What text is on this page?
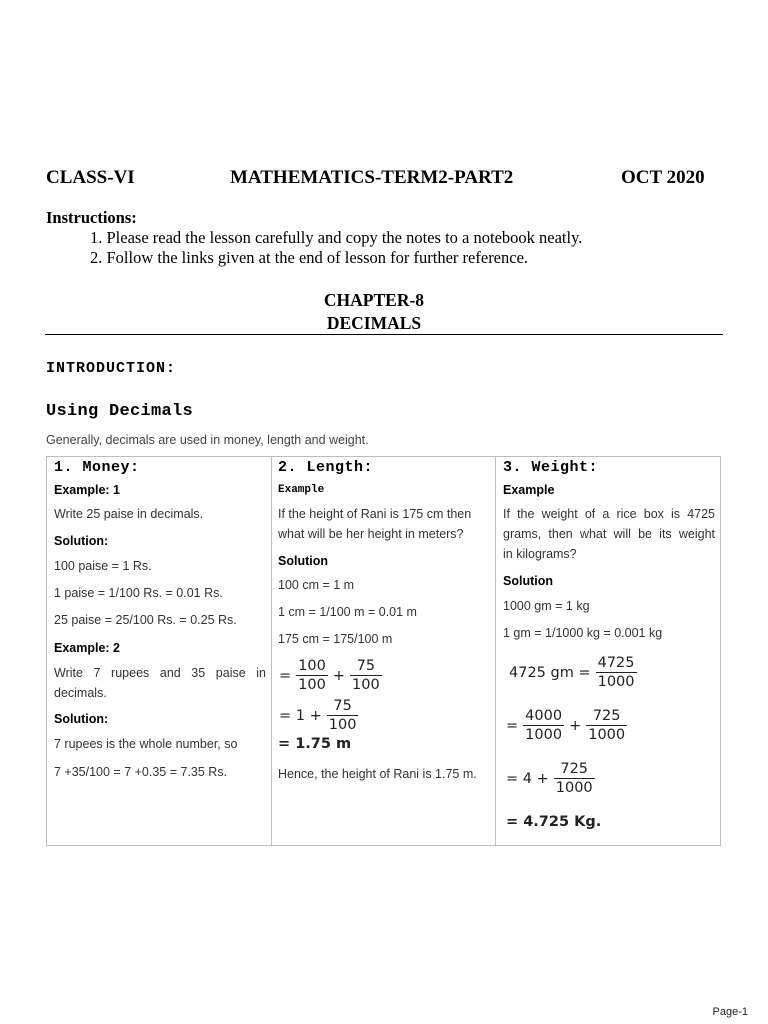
CLASS-VI	MATHEMATICS-TERM2-PART2	OCT 2020
Instructions:
1. Please read the lesson carefully and copy the notes to a notebook neatly.
2. Follow the links given at the end of lesson for further reference.
CHAPTER-8
DECIMALS
INTRODUCTION:
Using Decimals
Generally, decimals are used in money, length and weight.
1. Money:
Example: 1
Write 25 paise in decimals.
Solution:
100 paise = 1 Rs.
1 paise = 1/100 Rs. = 0.01 Rs.
25 paise = 25/100 Rs. = 0.25 Rs.
Example: 2
Write 7 rupees and 35 paise in
decimals.
Solution:
7 rupees is the whole number, so
7 +35/100 = 7 +0.35 = 7.35 Rs.
2. Length:
Example
If the height of Rani is 175 cm then
what will be her height in meters?
Solution
100 cm = 1 m
1 cm = 1/100 m = 0.01 m
175 cm = 175/100 m
= $\frac{100}{100} + \frac{75}{100}$
= $1 + \frac{75}{100}$
= 1.75 m
Hence, the height of Rani is 1.75 m.
3. Weight:
Example
If the weight of a rice box is 4725
grams, then what will be its weight
in kilograms?
Solution
1000 gm = 1 kg
1 gm = 1/1000 kg = 0.001 kg
4725 gm = $\frac{4725}{1000}$
= $\frac{4000}{1000} + \frac{725}{1000}$
= $4 + \frac{725}{1000}$
= 4.725 Kg.
Page-1
